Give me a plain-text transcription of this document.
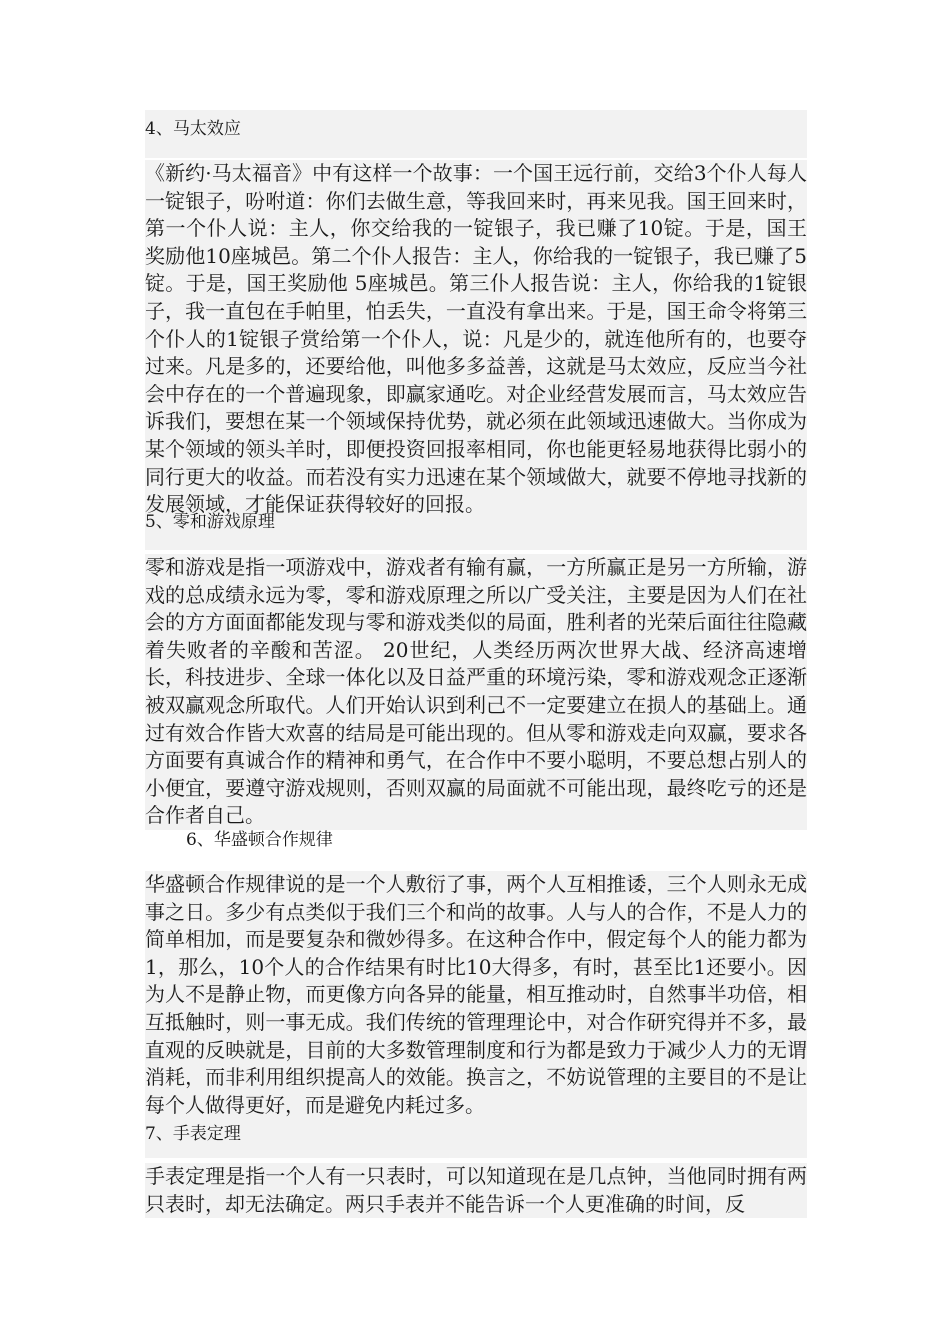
4、马太效应

《新约·马太福音》中有这样一个故事：一个国王远行前，交给3个仆人每人一锭银子，吩咐道：你们去做生意，等我回来时，再来见我。国王回来时，第一个仆人说：主人，你交给我的一锭银子，我已赚了10锭。于是，国王奖励他10座城邑。第二个仆人报告：主人，你给我的一锭银子，我已赚了5锭。于是，国王奖励他 5座城邑。第三仆人报告说：主人，你给我的1锭银子，我一直包在手帕里，怕丢失，一直没有拿出来。于是，国王命令将第三个仆人的1锭银子赏给第一个仆人，说：凡是少的，就连他所有的，也要夺过来。凡是多的，还要给他，叫他多多益善，这就是马太效应，反应当今社会中存在的一个普遍现象，即赢家通吃。对企业经营发展而言，马太效应告诉我们，要想在某一个领域保持优势，就必须在此领域迅速做大。当你成为某个领域的领头羊时，即便投资回报率相同，你也能更轻易地获得比弱小的同行更大的收益。而若没有实力迅速在某个领域做大，就要不停地寻找新的发展领域，才能保证获得较好的回报。

5、零和游戏原理

零和游戏是指一项游戏中，游戏者有输有赢，一方所赢正是另一方所输，游戏的总成绩永远为零，零和游戏原理之所以广受关注，主要是因为人们在社会的方方面面都能发现与零和游戏类似的局面，胜利者的光荣后面往往隐藏着失败者的辛酸和苦涩。 20世纪，人类经历两次世界大战、经济高速增长，科技进步、全球一体化以及日益严重的环境污染，零和游戏观念正逐渐被双赢观念所取代。人们开始认识到利己不一定要建立在损人的基础上。通过有效合作皆大欢喜的结局是可能出现的。但从零和游戏走向双赢，要求各方面要有真诚合作的精神和勇气，在合作中不要小聪明，不要总想占别人的小便宜，要遵守游戏规则，否则双赢的局面就不可能出现，最终吃亏的还是合作者自己。

6、华盛顿合作规律

华盛顿合作规律说的是一个人敷衍了事，两个人互相推诿，三个人则永无成事之日。多少有点类似于我们三个和尚的故事。人与人的合作，不是人力的简单相加，而是要复杂和微妙得多。在这种合作中，假定每个人的能力都为1，那么，10个人的合作结果有时比10大得多，有时，甚至比1还要小。因为人不是静止物，而更像方向各异的能量，相互推动时，自然事半功倍，相互抵触时，则一事无成。我们传统的管理理论中，对合作研究得并不多，最直观的反映就是，目前的大多数管理制度和行为都是致力于减少人力的无谓消耗，而非利用组织提高人的效能。换言之，不妨说管理的主要目的不是让每个人做得更好，而是避免内耗过多。

7、手表定理

手表定理是指一个人有一只表时，可以知道现在是几点钟，当他同时拥有两只表时，却无法确定。两只手表并不能告诉一个人更准确的时间，反
